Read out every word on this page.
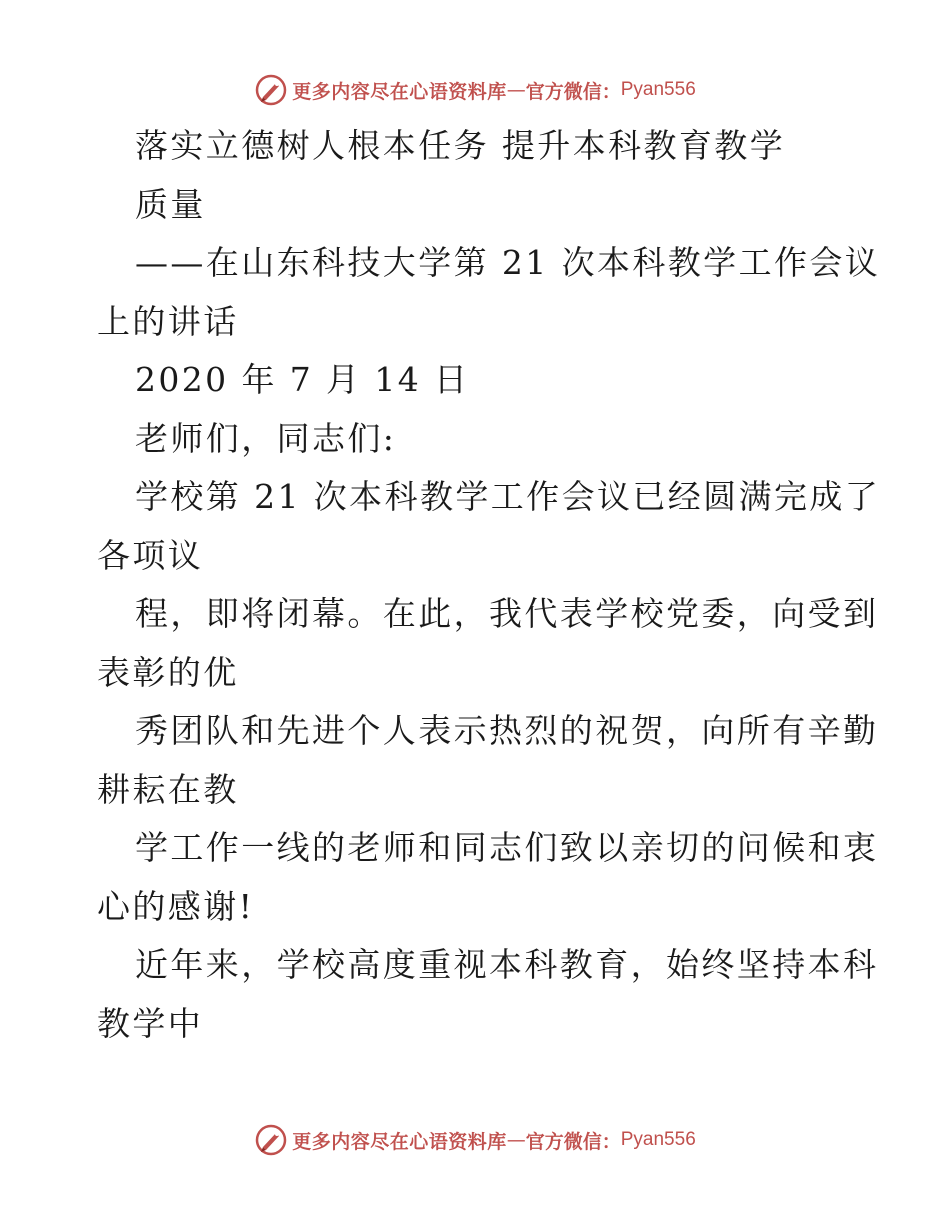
更多内容尽在心语资料库 — 官方微信： Pyan556
落实立德树人根本任务 提升本科教育教学
质量
——在山东科技大学第 21 次本科教学工作会议
上的讲话
2020 年 7 月 14 日
老师们，同志们:
学校第 21 次本科教学工作会议已经圆满完成了
各项议
程，即将闭幕。在此，我代表学校党委，向受到
表彰的优
秀团队和先进个人表示热烈的祝贺，向所有辛勤
耕耘在教
学工作一线的老师和同志们致以亲切的问候和衷
心的感谢!
近年来，学校高度重视本科教育，始终坚持本科
教学中
更多内容尽在心语资料库 — 官方微信： Pyan556
